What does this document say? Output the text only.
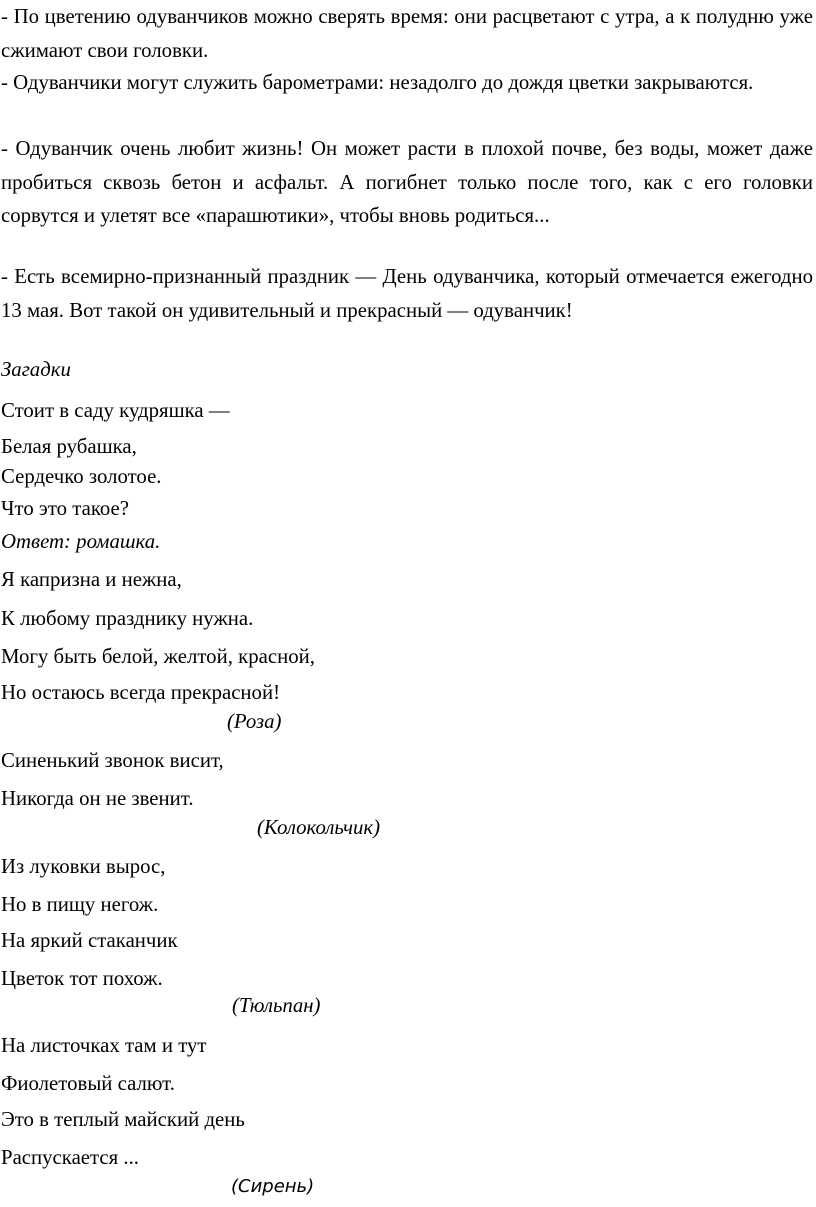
- По цветению одуванчиков можно сверять время: они расцветают с утра, а к полудню уже сжимают свои головки.
- Одуванчики могут служить барометрами: незадолго до дождя цветки закрываются.
- Одуванчик очень любит жизнь! Он может расти в плохой почве, без воды, может даже пробиться сквозь бетон и асфальт. А погибнет только после того, как с его головки сорвутся и улетят все «парашютики», чтобы вновь родиться...
- Есть всемирно-признанный праздник — День одуванчика, который отмечается ежегодно 13 мая. Вот такой он удивительный и прекрасный — одуванчик!
Загадки
Стоит в саду кудряшка —
Белая рубашка,
Сердечко золотое.
Что это такое?
Ответ: ромашка.
Я капризна и нежна,
К любому празднику нужна.
Могу быть белой, желтой, красной,
Но остаюсь всегда прекрасной!
(Роза)
Синенький звонок висит,
Никогда он не звенит.
(Колокольчик)
Из луковки вырос,
Но в пищу негож.
На яркий стаканчик
Цветок тот похож.
(Тюльпан)
На листочках там и тут
Фиолетовый салют.
Это в теплый майский день
Распускается ...
(Сирень)
